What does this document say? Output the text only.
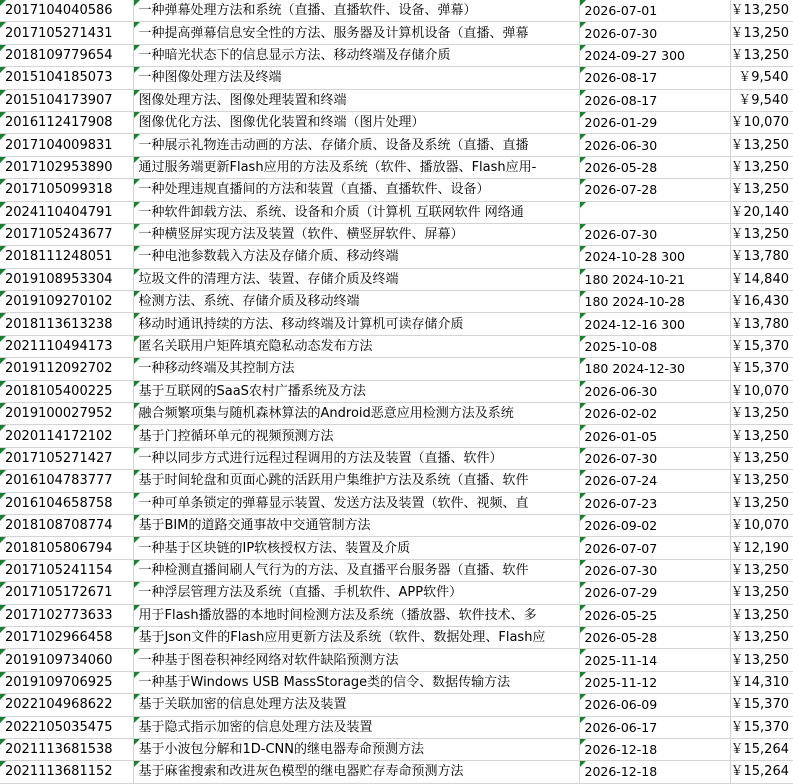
2017104040586	一种弹幕处理方法和系统（直播、直播软件、设备、弹幕）	2026-07-01	￥13,250
2017105271431	一种提高弹幕信息安全性的方法、服务器及计算机设备（直播、弹幕	2026-07-30	￥13,250
2018109779654	一种暗光状态下的信息显示方法、移动终端及存储介质	2024-09-27 300	￥13,250
2015104185073	一种图像处理方法及终端	2026-08-17	￥9,540
2015104173907	图像处理方法、图像处理装置和终端	2026-08-17	￥9,540
2016112417908	图像优化方法、图像优化装置和终端（图片处理）	2026-01-29	￥10,070
2017104009831	一种展示礼物连击动画的方法、存储介质、设备及系统（直播、直播	2026-06-30	￥13,250
2017102953890	通过服务端更新Flash应用的方法及系统（软件、播放器、Flash应用-	2026-05-28	￥13,250
2017105099318	一种处理违规直播间的方法和装置（直播、直播软件、设备）	2026-07-28	￥13,250
2024110404791	一种软件卸载方法、系统、设备和介质（计算机 互联网软件 网络通		￥20,140
2017105243677	一种横竖屏实现方法及装置（软件、横竖屏软件、屏幕）	2026-07-30	￥13,250
2018111248051	一种电池参数载入方法及存储介质、移动终端	2024-10-28 300	￥13,780
2019108953304	垃圾文件的清理方法、装置、存储介质及终端	180 2024-10-21	￥14,840
2019109270102	检测方法、系统、存储介质及移动终端	180 2024-10-28	￥16,430
2018113613238	移动时通讯持续的方法、移动终端及计算机可读存储介质	2024-12-16 300	￥13,780
2021110494173	匿名关联用户矩阵填充隐私动态发布方法	2025-10-08	￥15,370
2019112092702	一种移动终端及其控制方法	180 2024-12-30	￥15,370
2018105400225	基于互联网的SaaS农村广播系统及方法	2026-06-30	￥10,070
2019100027952	融合频繁项集与随机森林算法的Android恶意应用检测方法及系统	2026-02-02	￥13,250
2020114172102	基于门控循环单元的视频预测方法	2026-01-05	￥13,250
2017105271427	一种以同步方式进行远程过程调用的方法及装置（直播、软件）	2026-07-30	￥13,250
2016104783777	基于时间轮盘和页面心跳的活跃用户集维护方法及系统（直播、软件	2026-07-24	￥13,250
2016104658758	一种可单条锁定的弹幕显示装置、发送方法及装置（软件、视频、直	2026-07-23	￥13,250
2018108708774	基于BIM的道路交通事故中交通管制方法	2026-09-02	￥10,070
2018105806794	一种基于区块链的IP软核授权方法、装置及介质	2026-07-07	￥12,190
2017105241154	一种检测直播间刷人气行为的方法、及直播平台服务器（直播、软件	2026-07-30	￥13,250
2017105172671	一种浮层管理方法及系统（直播、手机软件、APP软件）	2026-07-29	￥13,250
2017102773633	用于Flash播放器的本地时间检测方法及系统（播放器、软件技术、多	2026-05-25	￥13,250
2017102966458	基于Json文件的Flash应用更新方法及系统（软件、数据处理、Flash应	2026-05-28	￥13,250
2019109734060	一种基于图卷积神经网络对软件缺陷预测方法	2025-11-14	￥13,250
2019109706925	一种基于Windows USB MassStorage类的信令、数据传输方法	2025-11-12	￥14,310
2022104968622	基于关联加密的信息处理方法及装置	2026-06-09	￥15,370
2022105035475	基于隐式指示加密的信息处理方法及装置	2026-06-17	￥15,370
2021113681538	基于小波包分解和1D-CNN的继电器寿命预测方法	2026-12-18	￥15,264
2021113681152	基于麻雀搜索和改进灰色模型的继电器贮存寿命预测方法	2026-12-18	￥15,264
